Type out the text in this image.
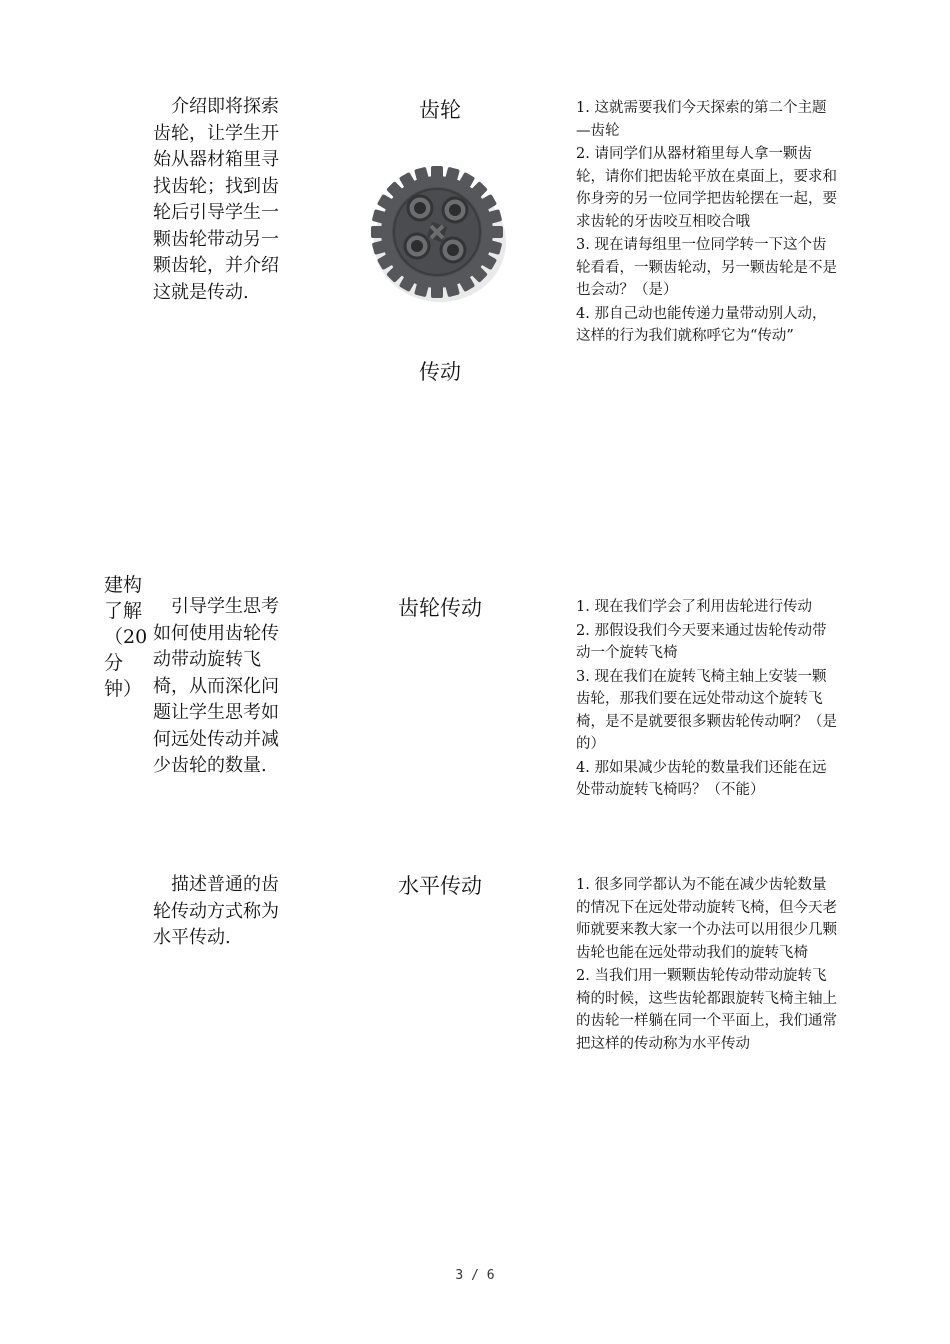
介绍即将探索齿轮，让学生开始从器材箱里寻找齿轮；找到齿轮后引导学生一颗齿轮带动另一颗齿轮，并介绍这就是传动.

齿轮
传动
1. 这就需要我们今天探索的第二个主题—齿轮
2. 请同学们从器材箱里每人拿一颗齿轮，请你们把齿轮平放在桌面上，要求和你身旁的另一位同学把齿轮摆在一起，要求齿轮的牙齿咬互相咬合哦
3. 现在请每组里一位同学转一下这个齿轮看看，一颗齿轮动，另一颗齿轮是不是也会动？（是）
4. 那自己动也能传递力量带动别人动，这样的行为我们就称呼它为“传动”
建构了解（20分钟）

引导学生思考如何使用齿轮传动带动旋转飞椅，从而深化问题让学生思考如何远处传动并减少齿轮的数量.

齿轮传动	1. 现在我们学会了利用齿轮进行传动
2. 那假设我们今天要来通过齿轮传动带动一个旋转飞椅
3. 现在我们在旋转飞椅主轴上安装一颗齿轮，那我们要在远处带动这个旋转飞椅，是不是就要很多颗齿轮传动啊？（是的）
4. 那如果减少齿轮的数量我们还能在远处带动旋转飞椅吗？（不能）

描述普通的齿轮传动方式称为水平传动.

水平传动	1. 很多同学都认为不能在减少齿轮数量的情况下在远处带动旋转飞椅，但今天老师就要来教大家一个办法可以用很少几颗齿轮也能在远处带动我们的旋转飞椅
2. 当我们用一颗颗齿轮传动带动旋转飞椅的时候，这些齿轮都跟旋转飞椅主轴上的齿轮一样躺在同一个平面上，我们通常把这样的传动称为水平传动
3 / 6
